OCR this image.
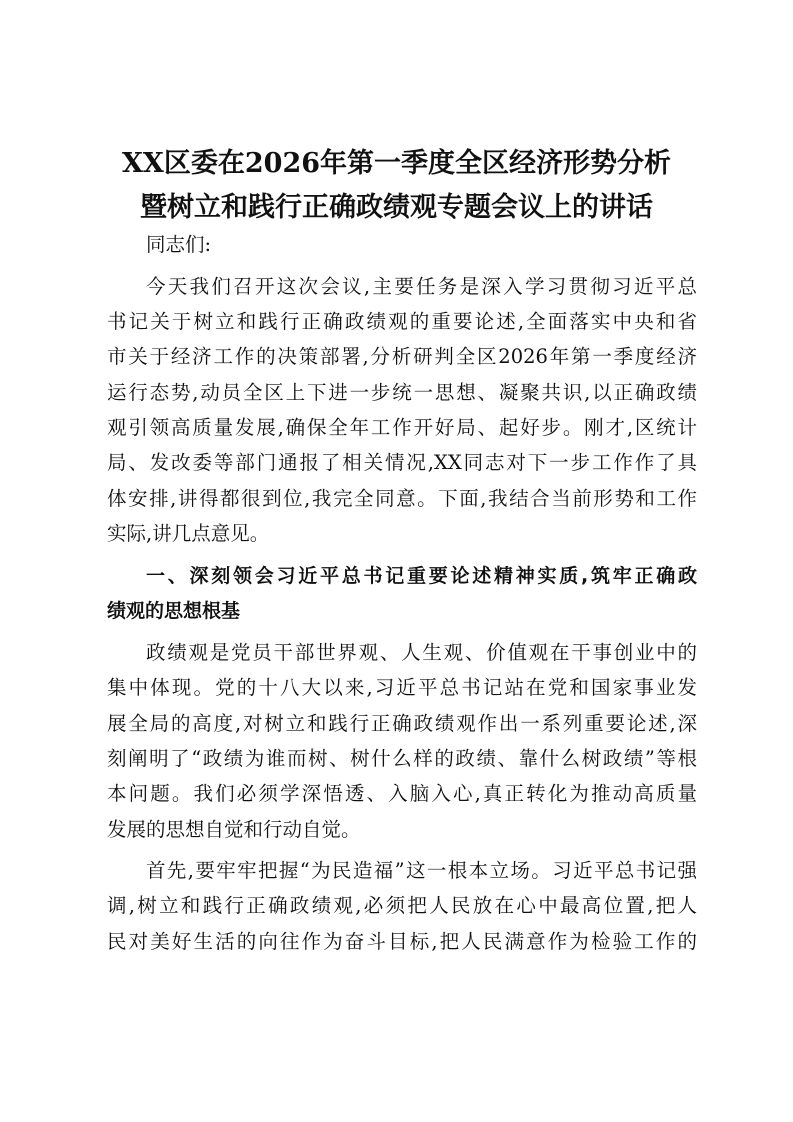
XX区委在2026年第一季度全区经济形势分析
暨树立和践行正确政绩观专题会议上的讲话
同志们:
今天我们召开这次会议,主要任务是深入学习贯彻习近平总
书记关于树立和践行正确政绩观的重要论述,全面落实中央和省
市关于经济工作的决策部署,分析研判全区2026年第一季度经济
运行态势,动员全区上下进一步统一思想、凝聚共识,以正确政绩
观引领高质量发展,确保全年工作开好局、起好步。刚才,区统计
局、发改委等部门通报了相关情况,XX同志对下一步工作作了具
体安排,讲得都很到位,我完全同意。下面,我结合当前形势和工作
实际,讲几点意见。
一、深刻领会习近平总书记重要论述精神实质,筑牢正确政
绩观的思想根基
政绩观是党员干部世界观、人生观、价值观在干事创业中的
集中体现。党的十八大以来,习近平总书记站在党和国家事业发
展全局的高度,对树立和践行正确政绩观作出一系列重要论述,深
刻阐明了“政绩为谁而树、树什么样的政绩、靠什么树政绩”等根
本问题。我们必须学深悟透、入脑入心,真正转化为推动高质量
发展的思想自觉和行动自觉。
首先,要牢牢把握“为民造福”这一根本立场。习近平总书记强
调,树立和践行正确政绩观,必须把人民放在心中最高位置,把人
民对美好生活的向往作为奋斗目标,把人民满意作为检验工作的
